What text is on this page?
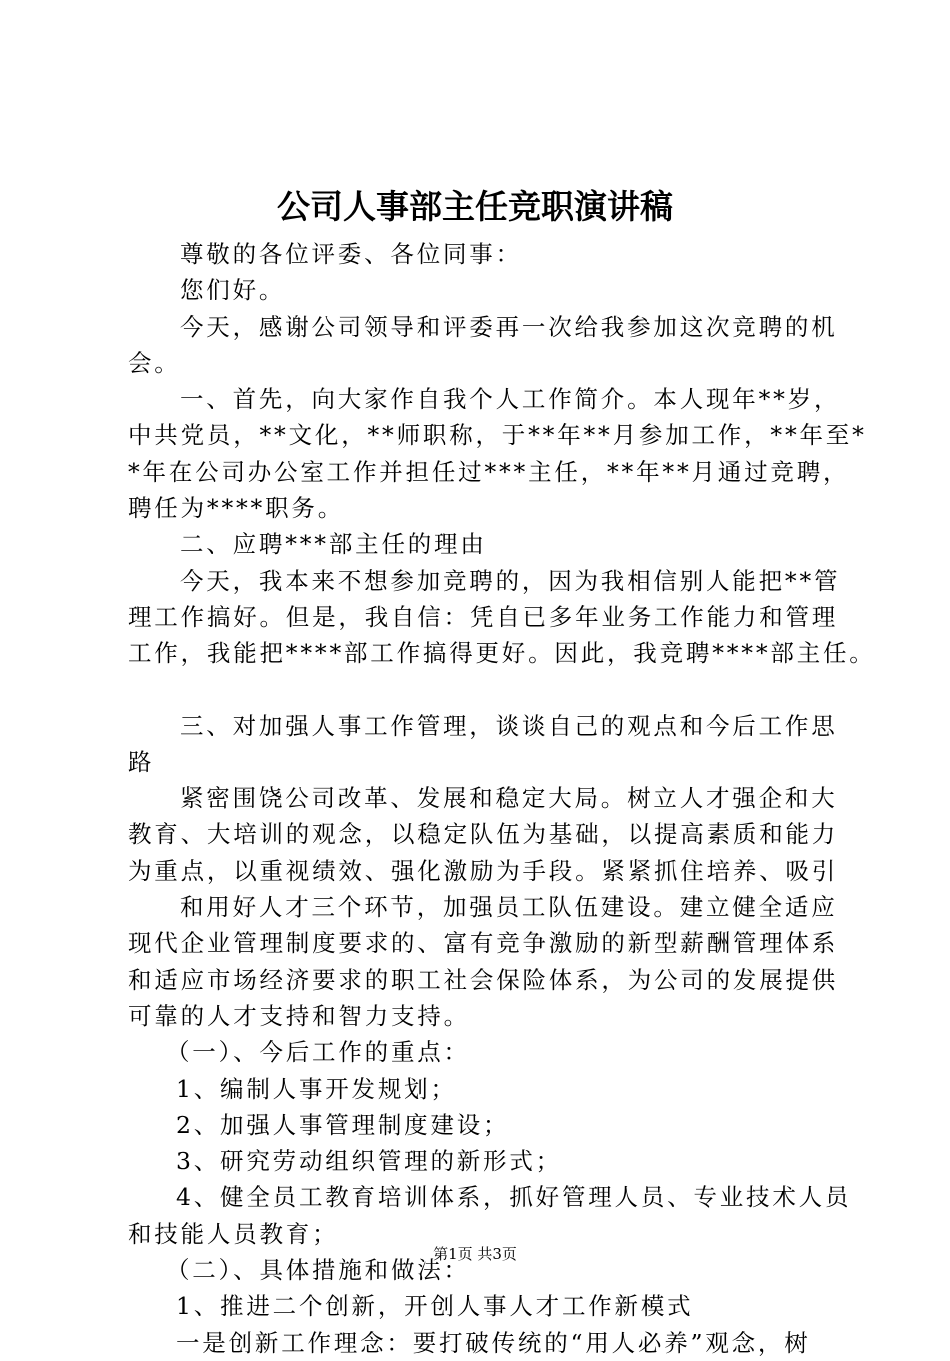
公司人事部主任竞职演讲稿

尊敬的各位评委、各位同事：

您们好。

今天，感谢公司领导和评委再一次给我参加这次竞聘的机

会。

一、首先，向大家作自我个人工作简介。本人现年**岁，

中共党员，**文化，**师职称，于**年**月参加工作，**年至*

*年在公司办公室工作并担任过***主任，**年**月通过竞聘，

聘任为****职务。

二、应聘***部主任的理由

今天，我本来不想参加竞聘的，因为我相信别人能把**管

理工作搞好。但是，我自信：凭自已多年业务工作能力和管理

工作，我能把****部工作搞得更好。因此，我竞聘****部主任。

三、对加强人事工作管理，谈谈自己的观点和今后工作思

路

紧密围饶公司改革、发展和稳定大局。树立人才强企和大

教育、大培训的观念，以稳定队伍为基础，以提高素质和能力

为重点，以重视绩效、强化激励为手段。紧紧抓住培养、吸引

和用好人才三个环节，加强员工队伍建设。建立健全适应

现代企业管理制度要求的、富有竞争激励的新型薪酬管理体系

和适应市场经济要求的职工社会保险体系，为公司的发展提供

可靠的人才支持和智力支持。

（一）、今后工作的重点：

1、编制人事开发规划；

2、加强人事管理制度建设；

3、研究劳动组织管理的新形式；

4、健全员工教育培训体系，抓好管理人员、专业技术人员

和技能人员教育；

（二）、具体措施和做法：

1、推进二个创新，开创人事人才工作新模式

一是创新工作理念：要打破传统的“用人必养”观念，树

第1页 共3页
